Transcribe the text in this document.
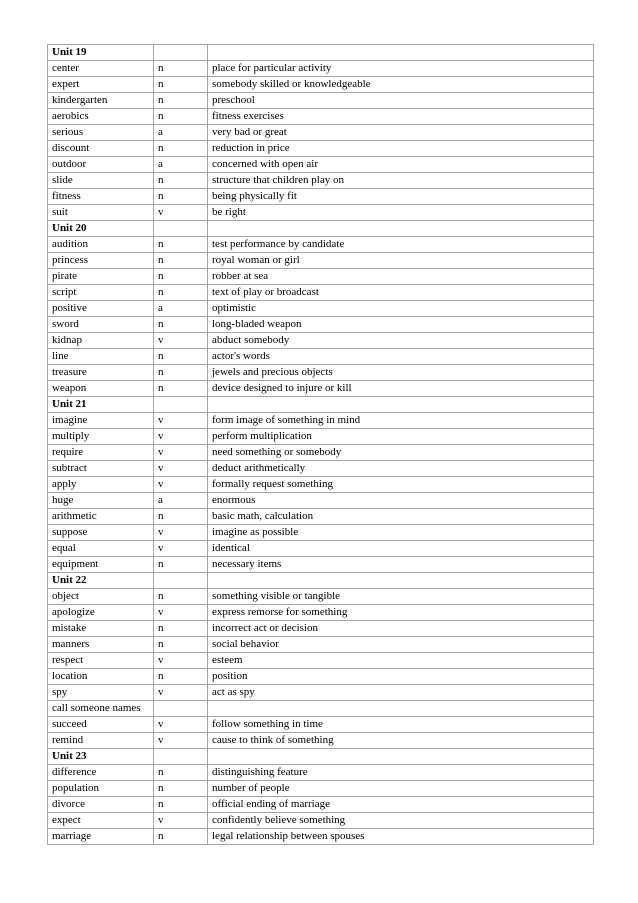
Unit 19		
center	n	place for particular activity
expert	n	somebody skilled or knowledgeable
kindergarten	n	preschool
aerobics	n	fitness exercises
serious	a	very bad or great
discount	n	reduction in price
outdoor	a	concerned with open air
slide	n	structure that children play on
fitness	n	being physically fit
suit	v	be right
Unit 20		
audition	n	test performance by candidate
princess	n	royal woman or girl
pirate	n	robber at sea
script	n	text of play or broadcast
positive	a	optimistic
sword	n	long-bladed weapon
kidnap	v	abduct somebody
line	n	actor's words
treasure	n	jewels and precious objects
weapon	n	device designed to injure or kill
Unit 21		
imagine	v	form image of something in mind
multiply	v	perform multiplication
require	v	need something or somebody
subtract	v	deduct arithmetically
apply	v	formally request something
huge	a	enormous
arithmetic	n	basic math, calculation
suppose	v	imagine as possible
equal	v	identical
equipment	n	necessary items
Unit 22		
object	n	something visible or tangible
apologize	v	express remorse for something
mistake	n	incorrect act or decision
manners	n	social behavior
respect	v	esteem
location	n	position
spy	v	act as spy
call someone names		
succeed	v	follow something in time
remind	v	cause to think of something
Unit 23		
difference	n	distinguishing feature
population	n	number of people
divorce	n	official ending of marriage
expect	v	confidently believe something
marriage	n	legal relationship between spouses
